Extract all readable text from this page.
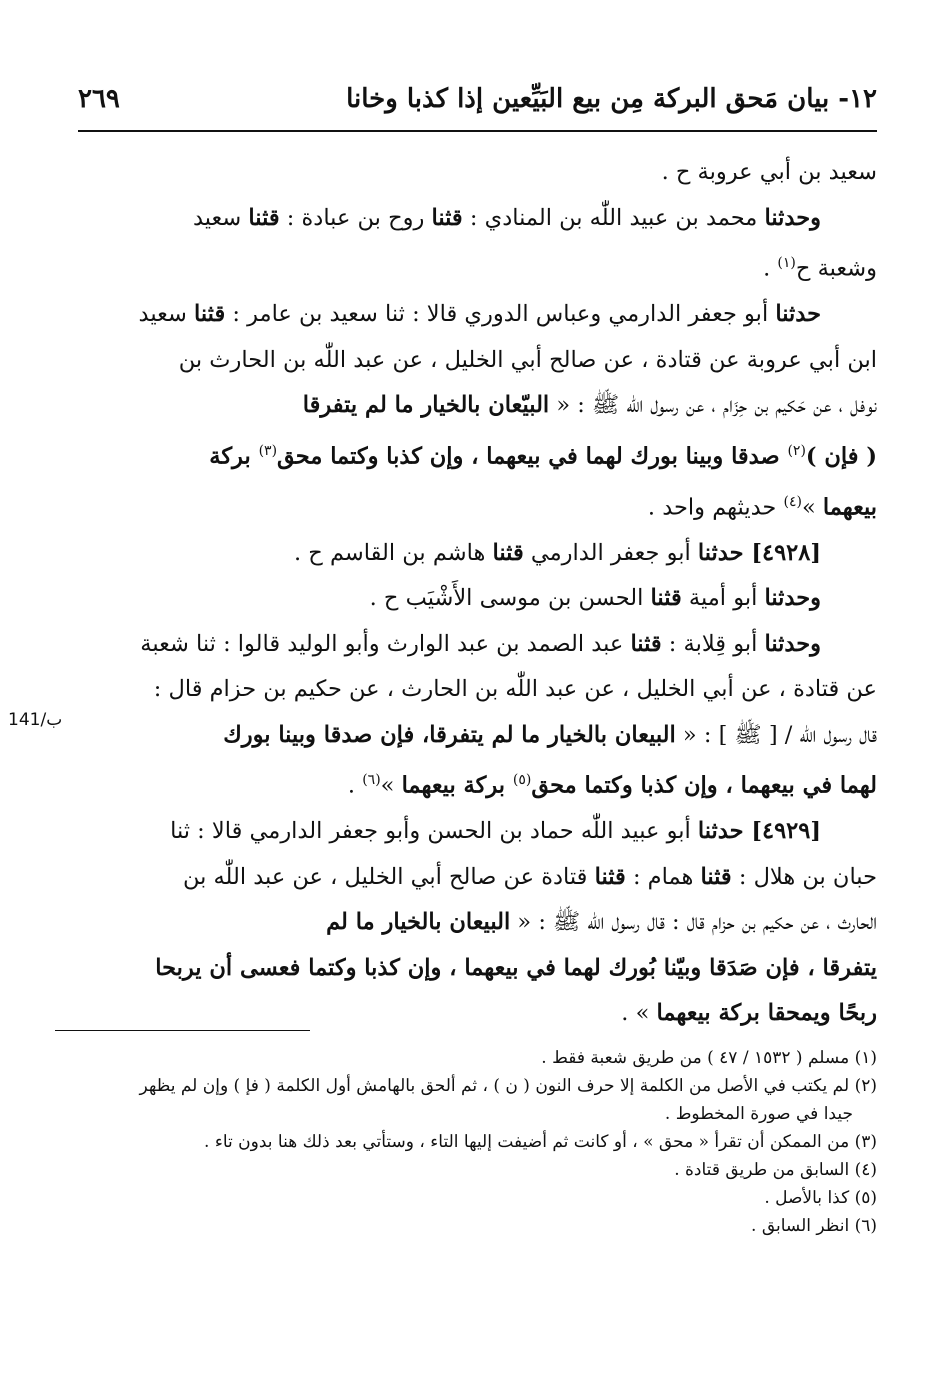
١٢- بيان مَحق البركة مِن بيع البَيِّعين إذا كذبا وخانا
٢٦٩
141/ب

سعيد بن أبي عروبة ح .

وحدثنا محمد بن عبيد اللّٰه بن المنادي : قثنا روح بن عبادة : قثنا سعيد
وشعبة ح$^{(١)}$ .

حدثنا أبو جعفر الدارمي وعباس الدوري قالا : ثنا سعيد بن عامر : قثنا سعيد
ابن أبي عروبة عن قتادة ، عن صالح أبي الخليل ، عن عبد اللّٰه بن الحارث بن
نوفل ، عن حَكيم بن حِزَام ، عن رسول اللّٰه ﷺ : « البيّعان بالخيار ما لم يتفرقا
( فإن )$^{(٢)}$ صدقا وبينا بورك لهما في بيعهما ، وإن كذبا وكتما محق$^{(٣)}$ بركة
بيعهما »$^{(٤)}$ حديثهم واحد .

[٤٩٢٨] حدثنا أبو جعفر الدارمي قثنا هاشم بن القاسم ح .

وحدثنا أبو أمية قثنا الحسن بن موسى الأَشْيَب ح .

وحدثنا أبو قِلابة : قثنا عبد الصمد بن عبد الوارث وأبو الوليد قالوا : ثنا شعبة
عن قتادة ، عن أبي الخليل ، عن عبد اللّٰه بن الحارث ، عن حكيم بن حزام قال :
قال رسول اللّٰه / [ ﷺ ] : « البيعان بالخيار ما لم يتفرقا، فإن صدقا وبينا بورك
لهما في بيعهما ، وإن كذبا وكتما محق$^{(٥)}$ بركة بيعهما »$^{(٦)}$ .

[٤٩٢٩] حدثنا أبو عبيد اللّٰه حماد بن الحسن وأبو جعفر الدارمي قالا : ثنا
حبان بن هلال : قثنا همام : قثنا قتادة عن صالح أبي الخليل ، عن عبد اللّٰه بن
الحارث ، عن حكيم بن حزام قال : قال رسول اللّٰه ﷺ : « البيعان بالخيار ما لم
يتفرقا ، فإن صَدَقا وبيّنا بُورك لهما في بيعهما ، وإن كذبا وكتما فعسى أن يربحا
ربحًا ويمحقا بركة بيعهما » .

(١) مسلم ( ١٥٣٢ / ٤٧ ) من طريق شعبة فقط .

(٢) لم يكتب في الأصل من الكلمة إلا حرف النون ( ن ) ، ثم ألحق بالهامش أول الكلمة ( فإ ) وإن لم يظهر

جيدا في صورة المخطوط .

(٣) من الممكن أن تقرأ « محق » ، أو كانت ثم أضيفت إليها التاء ، وستأتي بعد ذلك هنا بدون تاء .

(٤) السابق من طريق قتادة .

(٥) كذا بالأصل .

(٦) انظر السابق .
